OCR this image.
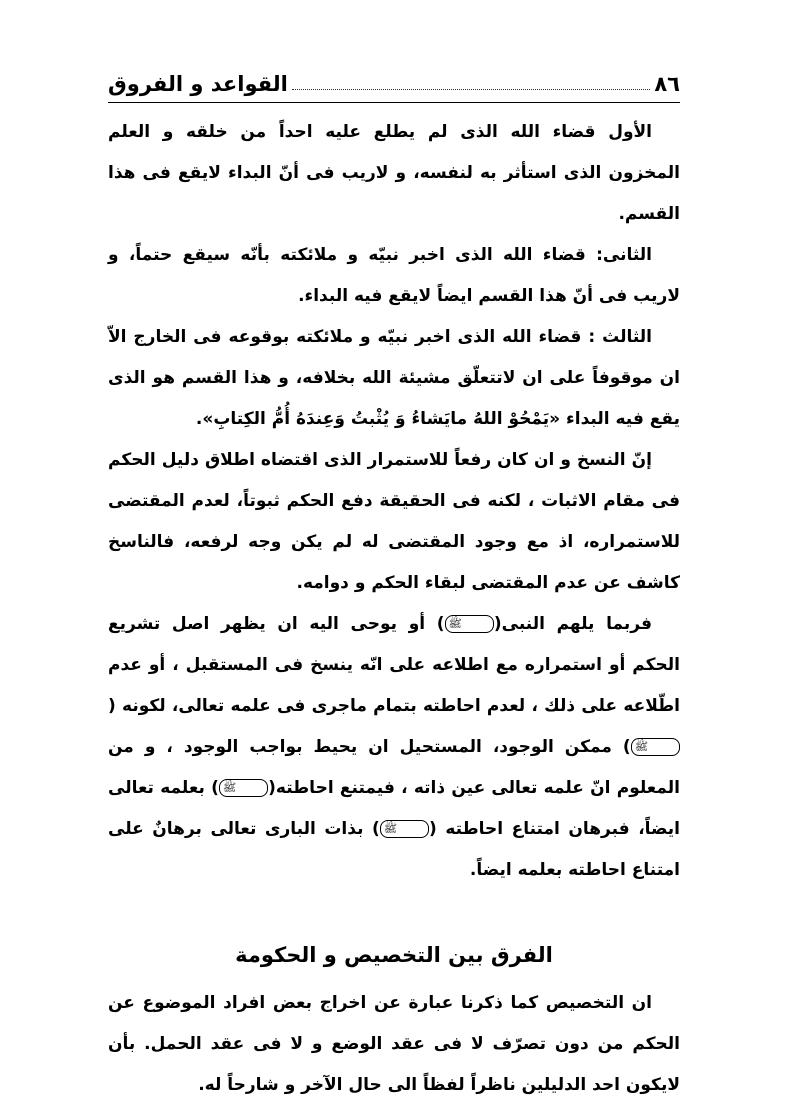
٨٦
القواعد و الفروق

الأول قضاء الله الذى لم يطلع عليه احداً من خلقه و العلم المخزون الذى استأثر به لنفسه، و لاريب فى أنّ البداء لايقع فى هذا القسم.

الثانى: قضاء الله الذى اخبر نبيّه و ملائكته بأنّه سيقع حتماً، و لاريب فى أنّ هذا القسم ايضاً لايقع فيه البداء.

الثالث : قضاء الله الذى اخبر نبيّه و ملائكته بوقوعه فى الخارج الاّ ان موقوفاً على ان لاتتعلّق مشيئة الله بخلافه، و هذا القسم هو الذى يقع فيه البداء «يَمْحُوْ اللهُ مايَشاءُ وَ يُثْبتُ وَعِندَهُ أُمُّ الكِتابِ».

إنّ النسخ و ان كان رفعاً للاستمرار الذى اقتضاه اطلاق دليل الحكم فى مقام الاثبات ، لكنه فى الحقيقة دفع الحكم ثبوتاً، لعدم المقتضى للاستمراره، اذ مع وجود المقتضى له لم يكن وجه لرفعه، فالناسخ كاشف عن عدم المقتضى لبقاء الحكم و دوامه.

فربما يلهم النبى(ﷺ) أو يوحى اليه ان يظهر اصل تشريع الحكم أو استمراره مع اطلاعه على انّه ينسخ فى المستقبل ، أو عدم اطّلاعه على ذلك ، لعدم احاطته بتمام ماجرى فى علمه تعالى، لكونه (ﷺ) ممكن الوجود، المستحيل ان يحيط بواجب الوجود ، و من المعلوم انّ علمه تعالى عين ذاته ، فيمتنع احاطته(ﷺ) بعلمه تعالى ايضاً، فبرهان امتناع احاطته (ﷺ) بذات البارى تعالى برهانٌ على امتناع احاطته بعلمه ايضاً.

الفرق بين التخصيص و الحكومة

ان التخصيص كما ذكرنا عبارة عن اخراج بعض افراد الموضوع عن الحكم من دون تصرّف لا فى عقد الوضع و لا فى عقد الحمل. بأن لايكون احد الدليلين ناظراً لفظاً الى حال الآخر و شارحاً له.
